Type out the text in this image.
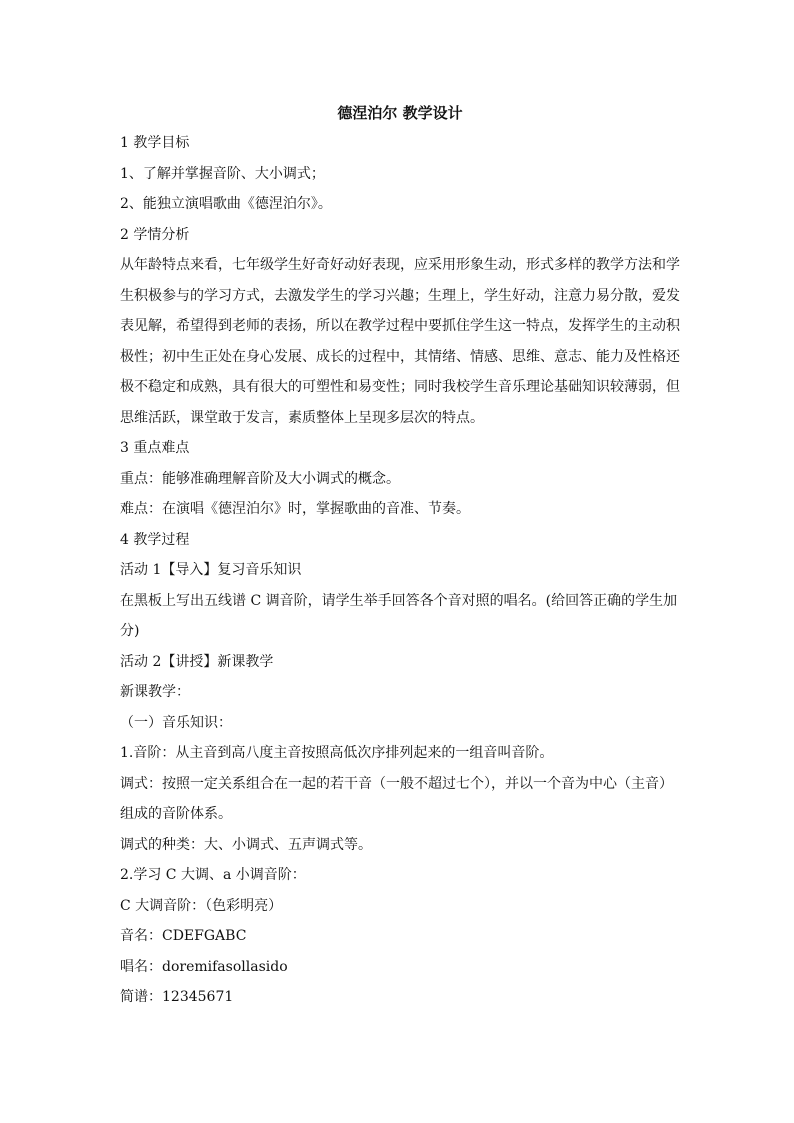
德涅泊尔 教学设计

1 教学目标

1、了解并掌握音阶、大小调式；

2、能独立演唱歌曲《德涅泊尔》。

2 学情分析

从年龄特点来看，七年级学生好奇好动好表现，应采用形象生动，形式多样的教学方法和学
生积极参与的学习方式，去激发学生的学习兴趣；生理上，学生好动，注意力易分散，爱发
表见解，希望得到老师的表扬，所以在教学过程中要抓住学生这一特点，发挥学生的主动积
极性；初中生正处在身心发展、成长的过程中，其情绪、情感、思维、意志、能力及性格还
极不稳定和成熟，具有很大的可塑性和易变性；同时我校学生音乐理论基础知识较薄弱，但
思维活跃，课堂敢于发言，素质整体上呈现多层次的特点。

3 重点难点

重点：能够准确理解音阶及大小调式的概念。

难点：在演唱《德涅泊尔》时，掌握歌曲的音准、节奏。

4 教学过程

活动 1【导入】复习音乐知识

在黑板上写出五线谱 C 调音阶，请学生举手回答各个音对照的唱名。(给回答正确的学生加
分)

活动 2【讲授】新课教学

新课教学：

（一）音乐知识：

1.音阶：从主音到高八度主音按照高低次序排列起来的一组音叫音阶。

调式：按照一定关系组合在一起的若干音（一般不超过七个），并以一个音为中心（主音）
组成的音阶体系。

调式的种类：大、小调式、五声调式等。

2.学习 C 大调、a 小调音阶：

C 大调音阶：（色彩明亮）

音名：CDEFGABC

唱名：doremifasollasido

简谱：12345671
